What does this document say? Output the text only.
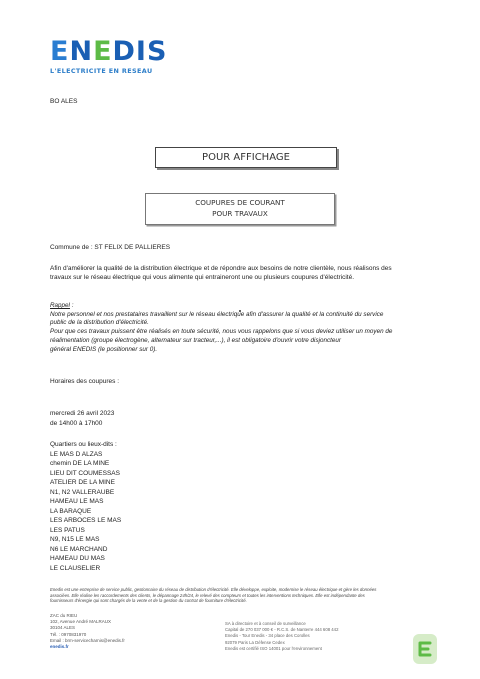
ENEDIS
L'ELECTRICITE EN RESEAU
BO ALES
POUR AFFICHAGE
COUPURES DE COURANT
POUR TRAVAUX
Commune de : ST FELIX DE PALLIERES
Afin d'améliorer la qualité de la distribution électrique et de répondre aux besoins de notre clientèle, nous réalisons des
travaux sur le réseau électrique qui vous alimente qui entraineront une ou plusieurs coupures d'électricité.
Rappel :
Notre personnel et nos prestataires travaillent sur le réseau électrique afin d'assurer la qualité et la continuité du service
public de la distribution d'électricité.
Pour que ces travaux puissent être réalisés en toute sécurité, nous vous rappelons que si vous deviez utiliser un moyen de
réalimentation (groupe électrogène, alternateur sur tracteur,...), il est obligatoire d'ouvrir votre disjoncteur
général ENEDIS (le positionner sur 0).
Horaires des coupures :
mercredi 26 avril 2023
de 14h00 à 17h00
Quartiers ou lieux-dits :
LE MAS D ALZAS
chemin DE LA MINE
LIEU DIT COUMESSAS
ATELIER DE LA MINE
N1, N2 VALLERAUBE
HAMEAU LE MAS
LA BARAQUE
LES ARBOCES LE MAS
LES PATUS
N9, N15 LE MAS
N6 LE MARCHAND
HAMEAU DU MAS
LE CLAUSELIER
Enedis est une entreprise de service public, gestionnaire du réseau de distribution d'électricité. Elle développe, exploite, modernise le réseau électrique et gère les données
associées. Elle réalise les raccordements des clients, le dépannage 24h/24, le relevé des compteurs et toutes les interventions techniques. Elle est indépendante des
fournisseurs d'énergie qui sont chargés de la vente et de la gestion du contrat de fourniture d'électricité.
ZAC du RIEU
102, Avenue André MALRAUX
30104 ALES
Tél. : 0970831970
Email : brm-servicecharnis@enedis.fr
enedis.fr
SA à directoire et à conseil de surveillance
Capital de 270 037 000 € - R.C.S. de Nanterre 444 608 442
Enedis - Tour Enedis - 34 place des Corolles
92079 Paris La Défense Cedex
Enedis est certifié ISO 14001 pour l'environnement
